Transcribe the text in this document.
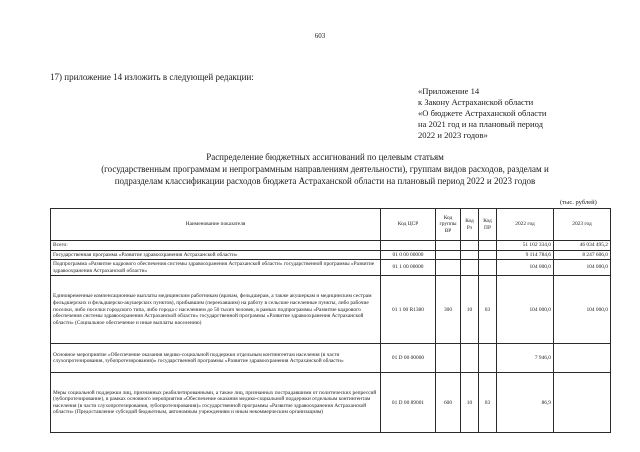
603
17) приложение 14 изложить в следующей редакции:
«Приложение 14
к Закону Астраханской области
«О бюджете Астраханской области
на 2021 год и на плановый период
2022 и 2023 годов»
Распределение бюджетных ассигнований по целевым статьям
(государственным программам и непрограммным направлениям деятельности), группам видов расходов, разделам и
подразделам классификации расходов бюджета Астраханской области на плановый период 2022 и 2023 годов
(тыс. рублей)
Наименование показателя	Код ЦСР	Код группы ВР	Код Рз	Код ПР	2022 год	2023 год
Всего:					51 102 334,0	46 034 495,2
Государственная программа «Развитие здравоохранения Астраханской области»	01 0 00 00000				9 114 784,6	8 247 606,0
Подпрограмма «Развитие кадрового обеспечения системы здравоохранения Астраханской области» государственной программы «Развитие здравоохранения Астраханской области»	01 1 00 00000				104 000,0	104 000,0
Единовременные компенсационные выплаты медицинским работникам (врачам, фельдшерам, а также акушеркам и медицинским сестрам фельдшерских и фельдшерско-акушерских пунктов), прибывшим (переехавшим) на работу в сельские населенные пункты, либо рабочие поселки, либо поселки городского типа, либо города с населением до 50 тысяч человек, в рамках подпрограммы «Развитие кадрового обеспечения системы здравоохранения Астраханской области» государственной программы «Развитие здравоохранения Астраханской области» (Социальное обеспечение и иные выплаты населению)	01 1 00 R1380	300	10	03	104 000,0	104 000,0
Основное мероприятие «Обеспечение оказания медико-социальной поддержки отдельным контингентам населения (в части слухопротезирования, зубопротезирования)» государственной программы «Развитие здравоохранения Астраханской области»	01 D 00 00000				7 946,0	
Меры социальной поддержки лиц, признанных реабилитированными, а также лиц, признанных пострадавшими от политических репрессий (зубопротезирование), в рамках основного мероприятия «Обеспечение оказания медико-социальной поддержки отдельным контингентам населения (в части слухопротезирования, зубопротезирования)» государственной программы «Развитие здравоохранения Астраханской области» (Предоставление субсидий бюджетным, автономным учреждениям и иным некоммерческим организациям)	01 D 00 89001	600	10	03	86,9	
